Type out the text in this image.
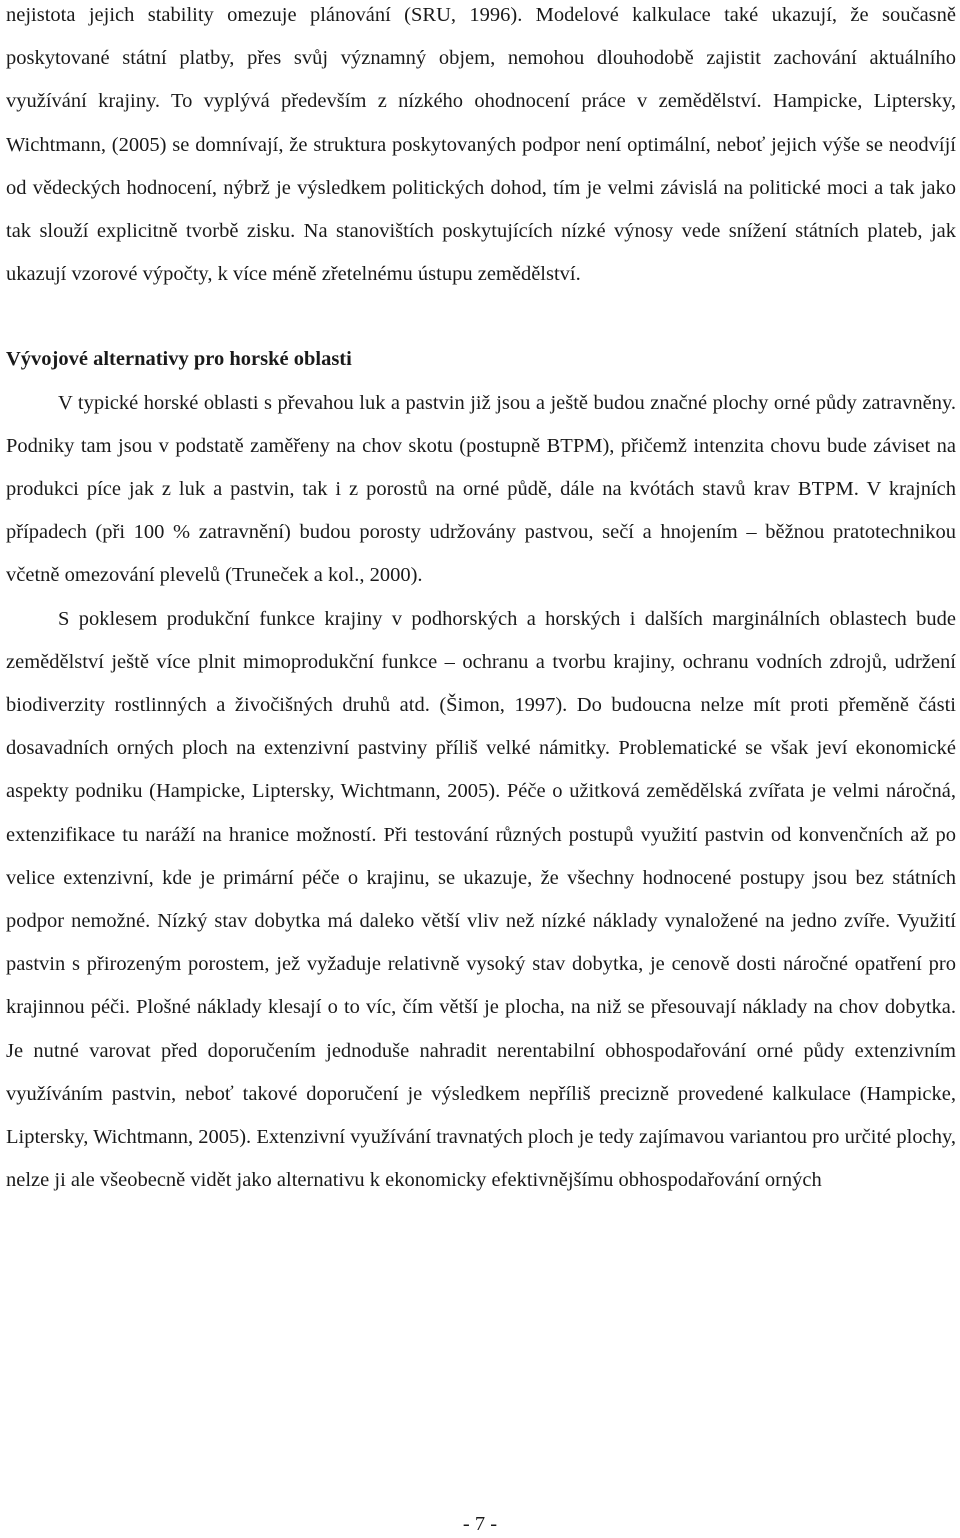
nejistota jejich stability omezuje plánování (SRU, 1996). Modelové kalkulace také ukazují, že současně poskytované státní platby, přes svůj významný objem, nemohou dlouhodobě zajistit zachování aktuálního využívání krajiny. To vyplývá především z nízkého ohodnocení práce v zemědělství. Hampicke, Liptersky, Wichtmann, (2005) se domnívají, že struktura poskytovaných podpor není optimální, neboť jejich výše se neodvíjí od vědeckých hodnocení, nýbrž je výsledkem politických dohod, tím je velmi závislá na politické moci a tak jako tak slouží explicitně tvorbě zisku. Na stanovištích poskytujících nízké výnosy vede snížení státních plateb, jak ukazují vzorové výpočty, k více méně zřetelnému ústupu zemědělství.

Vývojové alternativy pro horské oblasti

V typické horské oblasti s převahou luk a pastvin již jsou a ještě budou značné plochy orné půdy zatravněny. Podniky tam jsou v podstatě zaměřeny na chov skotu (postupně BTPM), přičemž intenzita chovu bude záviset na produkci píce jak z luk a pastvin, tak i z porostů na orné půdě, dále na kvótách stavů krav BTPM. V krajních případech (při 100 % zatravnění) budou porosty udržovány pastvou, sečí a hnojením – běžnou pratotechnikou včetně omezování plevelů (Truneček a kol., 2000).

S poklesem produkční funkce krajiny v podhorských a horských i dalších marginálních oblastech bude zemědělství ještě více plnit mimoprodukční funkce – ochranu a tvorbu krajiny, ochranu vodních zdrojů, udržení biodiverzity rostlinných a živočišných druhů atd. (Šimon, 1997). Do budoucna nelze mít proti přeměně části dosavadních orných ploch na extenzivní pastviny příliš velké námitky. Problematické se však jeví ekonomické aspekty podniku (Hampicke, Liptersky, Wichtmann, 2005). Péče o užitková zemědělská zvířata je velmi náročná, extenzifikace tu naráží na hranice možností. Při testování různých postupů využití pastvin od konvenčních až po velice extenzivní, kde je primární péče o krajinu, se ukazuje, že všechny hodnocené postupy jsou bez státních podpor nemožné. Nízký stav dobytka má daleko větší vliv než nízké náklady vynaložené na jedno zvíře. Využití pastvin s přirozeným porostem, jež vyžaduje relativně vysoký stav dobytka, je cenově dosti náročné opatření pro krajinnou péči. Plošné náklady klesají o to víc, čím větší je plocha, na niž se přesouvají náklady na chov dobytka. Je nutné varovat před doporučením jednoduše nahradit nerentabilní obhospodařování orné půdy extenzivním využíváním pastvin, neboť takové doporučení je výsledkem nepříliš precizně provedené kalkulace (Hampicke, Liptersky, Wichtmann, 2005). Extenzivní využívání travnatých ploch je tedy zajímavou variantou pro určité plochy, nelze ji ale všeobecně vidět jako alternativu k ekonomicky efektivnějšímu obhospodařování orných

- 7 -
